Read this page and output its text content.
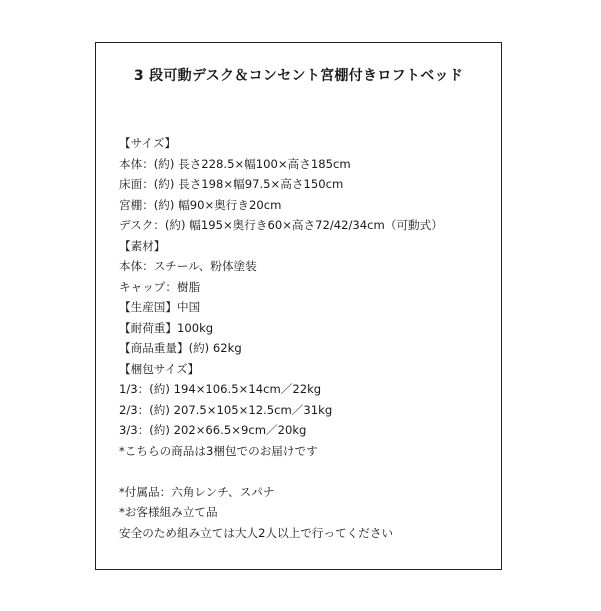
3 段可動デスク＆コンセント宮棚付きロフトベッド
【サイズ】
本体：(約) 長さ228.5×幅100×高さ185cm
床面：(約) 長さ198×幅97.5×高さ150cm
宮棚：(約) 幅90×奥行き20cm
デスク：(約) 幅195×奥行き60×高さ72/42/34cm（可動式）
【素材】
本体：スチール、粉体塗装
キャップ：樹脂
【生産国】中国
【耐荷重】100kg
【商品重量】(約) 62kg
【梱包サイズ】
1/3：(約) 194×106.5×14cm／22kg
2/3：(約) 207.5×105×12.5cm／31kg
3/3：(約) 202×66.5×9cm／20kg
*こちらの商品は3梱包でのお届けです
*付属品：六角レンチ、スパナ
*お客様組み立て品
安全のため組み立ては大人2人以上で行ってください
